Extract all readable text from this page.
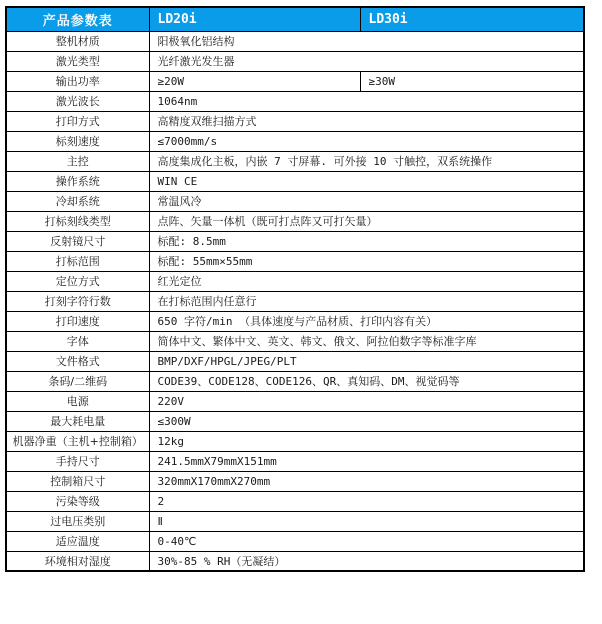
产品参数表	LD20i	LD30i
整机材质	阳极氧化铝结构	
激光类型	光纤激光发生器	
输出功率	≥20W	≥30W
激光波长	1064nm	
打印方式	高精度双维扫描方式	
标刻速度	≤7000mm/s	
主控	高度集成化主板，内嵌 7 寸屏幕. 可外接 10 寸触控，双系统操作	
操作系统	WIN CE	
冷却系统	常温风冷	
打标刻线类型	点阵、矢量一体机（既可打点阵又可打矢量）	
反射镜尺寸	标配: 8.5mm	
打标范围	标配: 55mm×55mm	
定位方式	红光定位	
打刻字符行数	在打标范围内任意行	
打印速度	650 字符/min （具体速度与产品材质、打印内容有关）	
字体	简体中文、繁体中文、英文、韩文、俄文、阿拉伯数字等标准字库	
文件格式	BMP/DXF/HPGL/JPEG/PLT	
条码/二维码	CODE39、CODE128、CODE126、QR、真知码、DM、视觉码等	
电源	220V	
最大耗电量	≤300W	
机器净重（主机+控制箱）	12kg	
手持尺寸	241.5mmX79mmX151mm	
控制箱尺寸	320mmX170mmX270mm	
污染等级	2	
过电压类别	Ⅱ	
适应温度	0-40℃	
环境相对湿度	30%-85 % RH（无凝结）	
